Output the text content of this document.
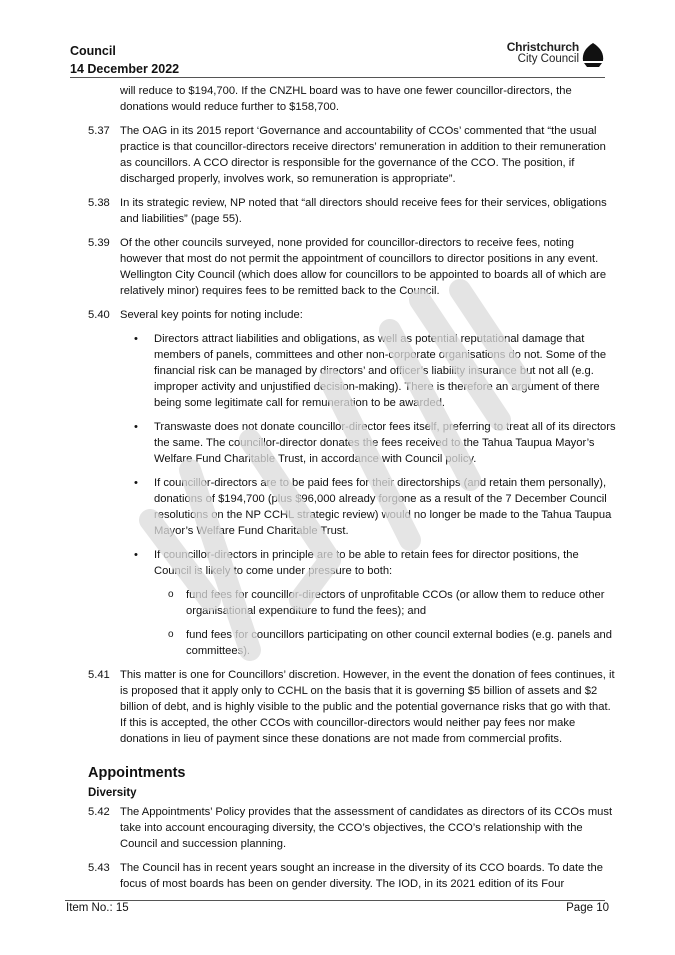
Council
14 December 2022
Christchurch
City Council

will reduce to $194,700. If the CNZHL board was to have one fewer councillor-directors, the donations would reduce further to $158,700.

5.37 The OAG in its 2015 report ‘Governance and accountability of CCOs’ commented that “the usual practice is that councillor-directors receive directors’ remuneration in addition to their remuneration as councillors. A CCO director is responsible for the governance of the CCO. The position, if discharged properly, involves work, so remuneration is appropriate”.
5.38 In its strategic review, NP noted that “all directors should receive fees for their services, obligations and liabilities” (page 55).
5.39 Of the other councils surveyed, none provided for councillor-directors to receive fees, noting however that most do not permit the appointment of councillors to director positions in any event. Wellington City Council (which does allow for councillors to be appointed to boards all of which are relatively minor) requires fees to be remitted back to the Council.
5.40 Several key points for noting include:
• Directors attract liabilities and obligations, as well as potential reputational damage that members of panels, committees and other non-corporate organisations do not. Some of the financial risk can be managed by directors’ and officer’s liability insurance but not all (e.g. improper activity and unjustified decision-making). There is therefore an argument of there being some legitimate call for remuneration to be awarded.
• Transwaste does not donate councillor-director fees itself, preferring to treat all of its directors the same. The councillor-director donates the fees received to the Tahua Taupua Mayor’s Welfare Fund Charitable Trust, in accordance with Council policy.
• If councillor-directors are to be paid fees for their directorships (and retain them personally), donations of $194,700 (plus $96,000 already forgone as a result of the 7 December Council resolutions on the NP CCHL strategic review) would no longer be made to the Tahua Taupua Mayor’s Welfare Fund Charitable Trust.
• If councillor-directors in principle are to be able to retain fees for director positions, the Council is likely to come under pressure to both:
o fund fees for councillor-directors of unprofitable CCOs (or allow them to reduce other organisational expenditure to fund the fees); and
o fund fees for councillors participating on other council external bodies (e.g. panels and committees).
5.41 This matter is one for Councillors’ discretion. However, in the event the donation of fees continues, it is proposed that it apply only to CCHL on the basis that it is governing $5 billion of assets and $2 billion of debt, and is highly visible to the public and the potential governance risks that go with that. If this is accepted, the other CCOs with councillor-directors would neither pay fees nor make donations in lieu of payment since these donations are not made from commercial profits.
Appointments
Diversity
5.42 The Appointments’ Policy provides that the assessment of candidates as directors of its CCOs must take into account encouraging diversity, the CCO’s objectives, the CCO’s relationship with the Council and succession planning.
5.43 The Council has in recent years sought an increase in the diversity of its CCO boards. To date the focus of most boards has been on gender diversity. The IOD, in its 2021 edition of its Four
Item No.: 15	Page 10
